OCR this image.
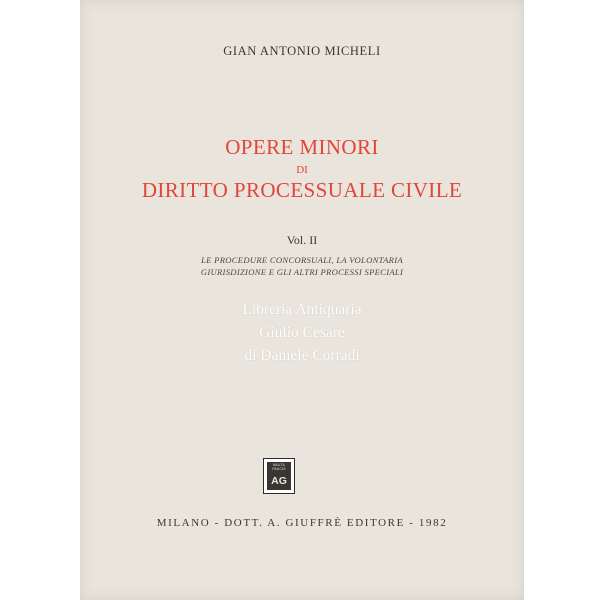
GIAN ANTONIO MICHELI
OPERE MINORI
DI
DIRITTO PROCESSUALE CIVILE
Vol. II
LE PROCEDURE CONCORSUALI, LA VOLONTARIA
GIURISDIZIONE E GLI ALTRI PROCESSI SPECIALI
Libreria Antiquaria
Giulio Cesare
di Daniele Corradi
MULTA
PAUCIS
AG
MILANO - DOTT. A. GIUFFRÈ EDITORE - 1982
